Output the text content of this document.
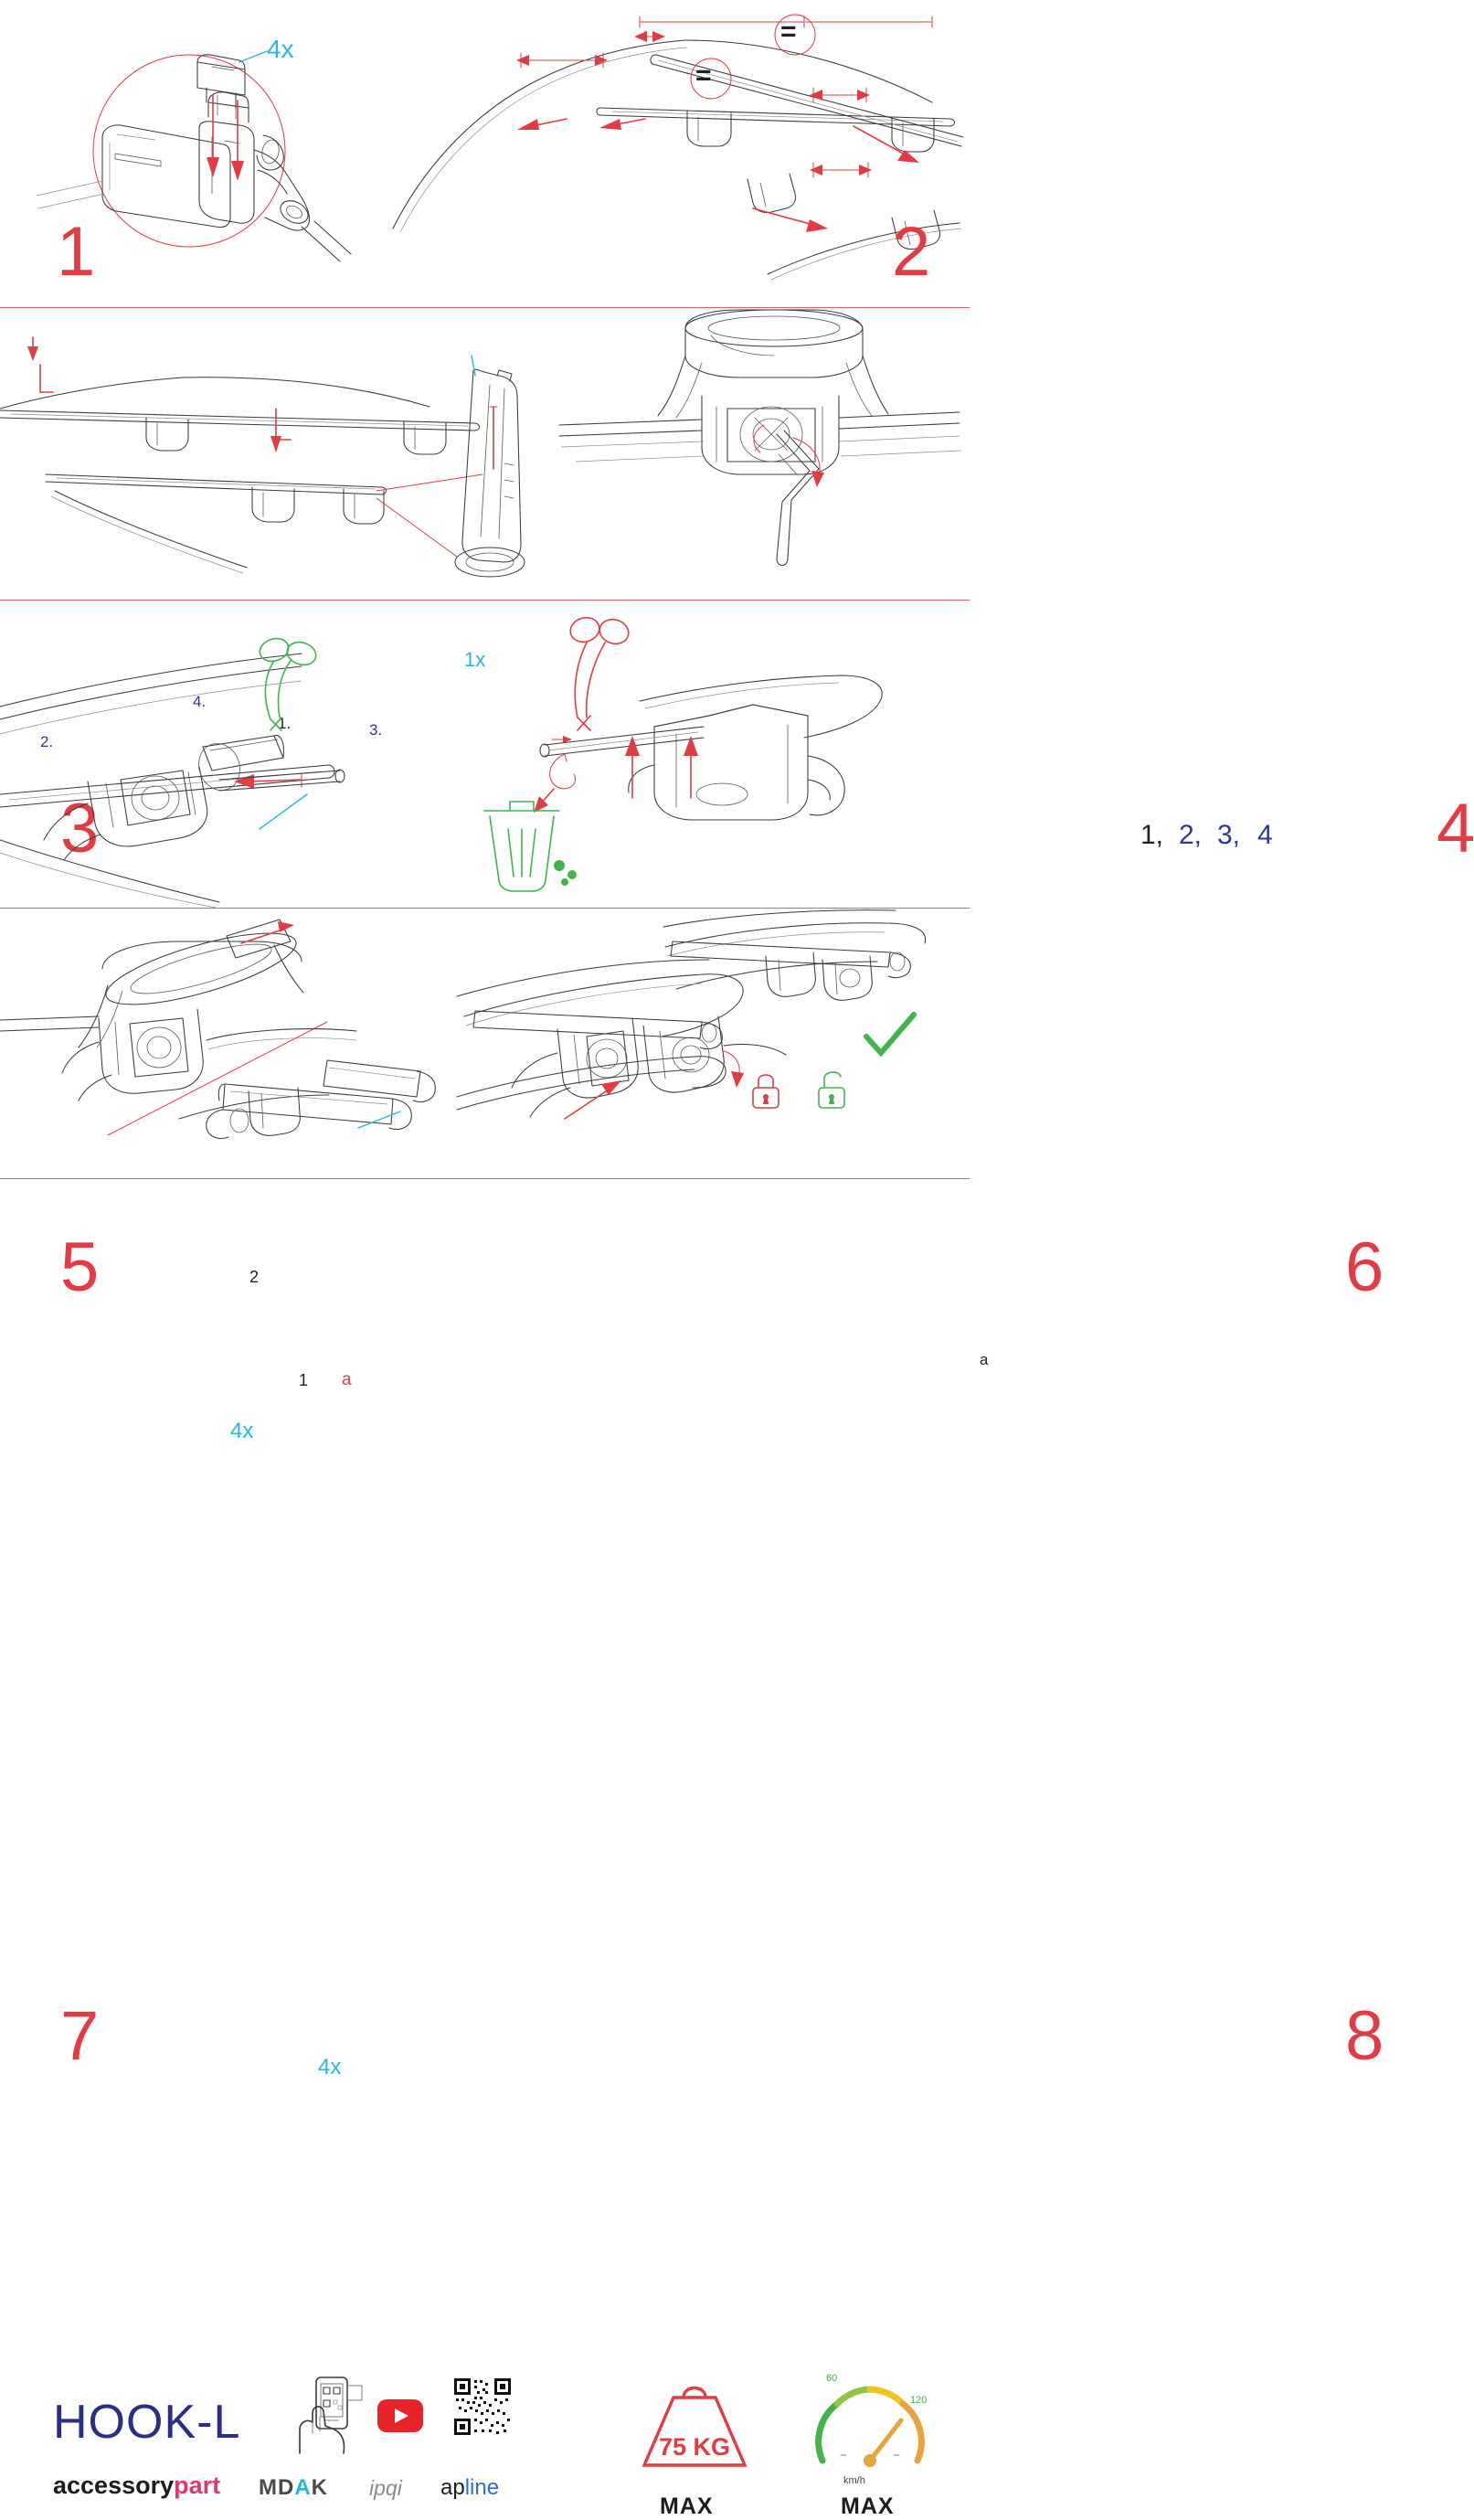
4x
1
=
=
2
1.
2.
3.
4.
1x
3	1, 2, 3, 4 4
2
1 a
4x
5
a
6
4x
7	8
HOOK-L
accessorypart MDAK ipqi apline
75 KG
MAX
60
120
km/h
MAX
